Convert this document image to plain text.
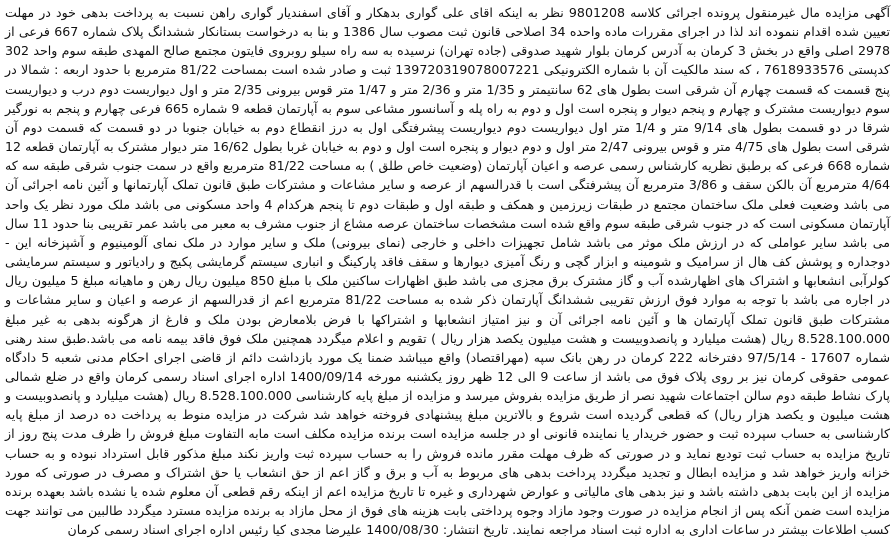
آگهی مزایده مال غیرمنقول پرونده اجرائی کلاسه 9801208 نظر به اینکه اقای علی گواری بدهکار و آقای اسفندیار گواری راهن نسبت به پرداخت بدهی خود در مهلت تعیین شده اقدام ننموده اند لذا در اجرای مقررات ماده واحده 34 اصلاحی قانون ثبت مصوب سال 1386 و بنا به درخواست بستانکار ششدانگ پلاک شماره 667 فرعی از 2978 اصلی واقع در بخش 3 کرمان به آدرس کرمان بلوار شهید صدوقی (جاده تهران) نرسیده به سه راه سیلو روبروی فایتون مجتمع صالح المهدی طبقه سوم واحد 302 کدپستی 7618933576 ، که سند مالکیت آن با شماره الکترونیکی 139720319078007221 ثبت و صادر شده است بمساحت 81/22 مترمربع با حدود اربعه : شمالا در پنج قسمت که قسمت چهارم آن شرقی است بطول های 62 سانتیمتر و 1/35 متر و 2/36 متر و 1/47 متر قوس بیرونی 2/35 متر و اول دیواریست دوم درب و دیواریست سوم دیواریست مشترک و چهارم و پنجم دیوار و پنجره است اول و دوم به راه پله و آسانسور مشاعی سوم به آپارتمان قطعه 9 شماره 665 فرعی چهارم و پنجم به نورگیر شرقا در دو قسمت بطول های 9/14 متر و 1/4 متر اول دیواریست دوم دیواریست پیشرفتگی اول به درز انقطاع دوم به خیابان جنوبا در دو قسمت که قسمت دوم آن شرقی است بطول های 4/75 متر و قوس بیرونی 2/47 متر اول و دوم دیوار و پنجره است اول و دوم به خیابان غربا بطول 16/62 متر دیوار مشترک به آپارتمان قطعه 12 شماره 668 فرعی که برطبق نظریه کارشناس رسمی عرصه و اعیان آپارتمان (وضعیت خاص طلق ) به مساحت 81/22 مترمربع واقع در سمت جنوب شرقی طبقه سه که 4/64 مترمربع آن بالکن سقف و 3/86 مترمربع آن پیشرفتگی است با قدرالسهم از عرصه و سایر مشاعات و مشترکات طبق قانون تملک آپارتمانها و آئین نامه اجرائی آن می باشد وضعیت فعلی ملک ساختمان مجتمع در طبقات زیرزمین و همکف و طبقه اول و طبقات دوم تا پنجم هرکدام 4 واحد مسکونی می باشد ملک مورد نظر یک واحد آپارتمان مسکونی است که در جنوب شرقی طبقه سوم واقع شده است مشخصات ساختمان عرصه مشاع از جنوب مشرف به معبر می باشد عمر تقریبی بنا حدود 11 سال می باشد سایر عواملی که در ارزش ملک موثر می باشد شامل تجهیزات داخلی و خارجی (نمای بیرونی) ملک و سایر موارد در ملک نمای آلومینیوم و آشپزخانه این - دوجداره و پوشش کف هال از سرامیک و شومینه و ابزار گچی و رنگ آمیزی دیوارها و سقف فاقد پارکینگ و انباری سیستم گرمایشی پکیج و رادیاتور و سیستم سرمایشی کولرآبی انشعابها و اشتراک های اظهارشده آب و گاز مشترک برق مجزی می باشد طبق اظهارات ساکنین ملک با مبلغ 850 میلیون ریال رهن و ماهیانه مبلغ 5 میلیون ریال در اجاره می باشد با توجه به موارد فوق ارزش تقریبی ششدانگ آپارتمان ذکر شده به مساحت 81/22 مترمربع اعم از قدرالسهم از عرصه و اعیان و سایر مشاعات و مشترکات طبق قانون تملک آپارتمان ها و آئین نامه اجرائی آن و نیز امتیاز انشعابها و اشتراکها با فرض بلامعارض بودن ملک و فارغ از هرگونه بدهی به غیر مبلغ 8.528.100.000 ریال (هشت میلیارد و پانصدوبیست و هشت میلیون یکصد هزار ریال ) تقویم و اعلام میگردد همچنین ملک فوق فاقد بیمه نامه می باشد.طبق سند رهنی شماره 17607 - 97/5/14 دفترخانه 222 کرمان در رهن بانک سپه (مهراقتصاد) واقع میباشد ضمنا یک مورد بازداشت دائم از قاضی اجرای احکام مدنی شعبه 5 دادگاه عمومی حقوقی کرمان نیز بر روی پلاک فوق می باشد از ساعت 9 الی 12 ظهر روز یکشنبه مورخه 1400/09/14 اداره اجرای اسناد رسمی کرمان واقع در ضلع شمالی پارک نشاط طبقه دوم سالن اجتماعات شهید نصر از طریق مزایده بفروش میرسد و مزایده از مبلغ پایه کارشناسی 8.528.100.000 ریال (هشت میلیارد و پانصدوبیست و هشت میلیون و یکصد هزار ریال) که قطعی گردیده است شروع و بالاترین مبلغ پیشنهادی فروخته خواهد شد شرکت در مزایده منوط به پرداخت ده درصد از مبلغ پایه کارشناسی به حساب سپرده ثبت و حضور خریدار یا نماینده قانونی او در جلسه مزایده است برنده مزایده مکلف است مابه التفاوت مبلغ فروش را ظرف مدت پنج روز از تاریخ مزایده به حساب ثبت تودیع نماید و در صورتی که ظرف مهلت مقرر مانده فروش را به حساب سپرده ثبت واریز نکند مبلغ مذکور قابل استرداد نبوده و به حساب خزانه واریز خواهد شد و مزایده ابطال و تجدید میگردد پرداخت بدهی های مربوط به آب و برق و گاز اعم از حق انشعاب یا حق اشتراک و مصرف در صورتی که مورد مزایده از این بابت بدهی داشته باشد و نیز بدهی های مالیاتی و عوارض شهرداری و غیره تا تاریخ مزایده اعم از اینکه رقم قطعی آن معلوم شده یا نشده باشد بعهده برنده مزایده است ضمن آنکه پس از انجام مزایده در صورت وجود مازاد وجوه پرداختی بابت هزینه های فوق از محل مازاد به برنده مزایده مسترد میگردد طالبین می توانند جهت کسب اطلاعات بیشتر در ساعات اداری به اداره ثبت اسناد مراجعه نمایند. تاریخ انتشار: 1400/08/30 علیرضا مجدی کیا رئیس اداره اجرای اسناد رسمی کرمان
